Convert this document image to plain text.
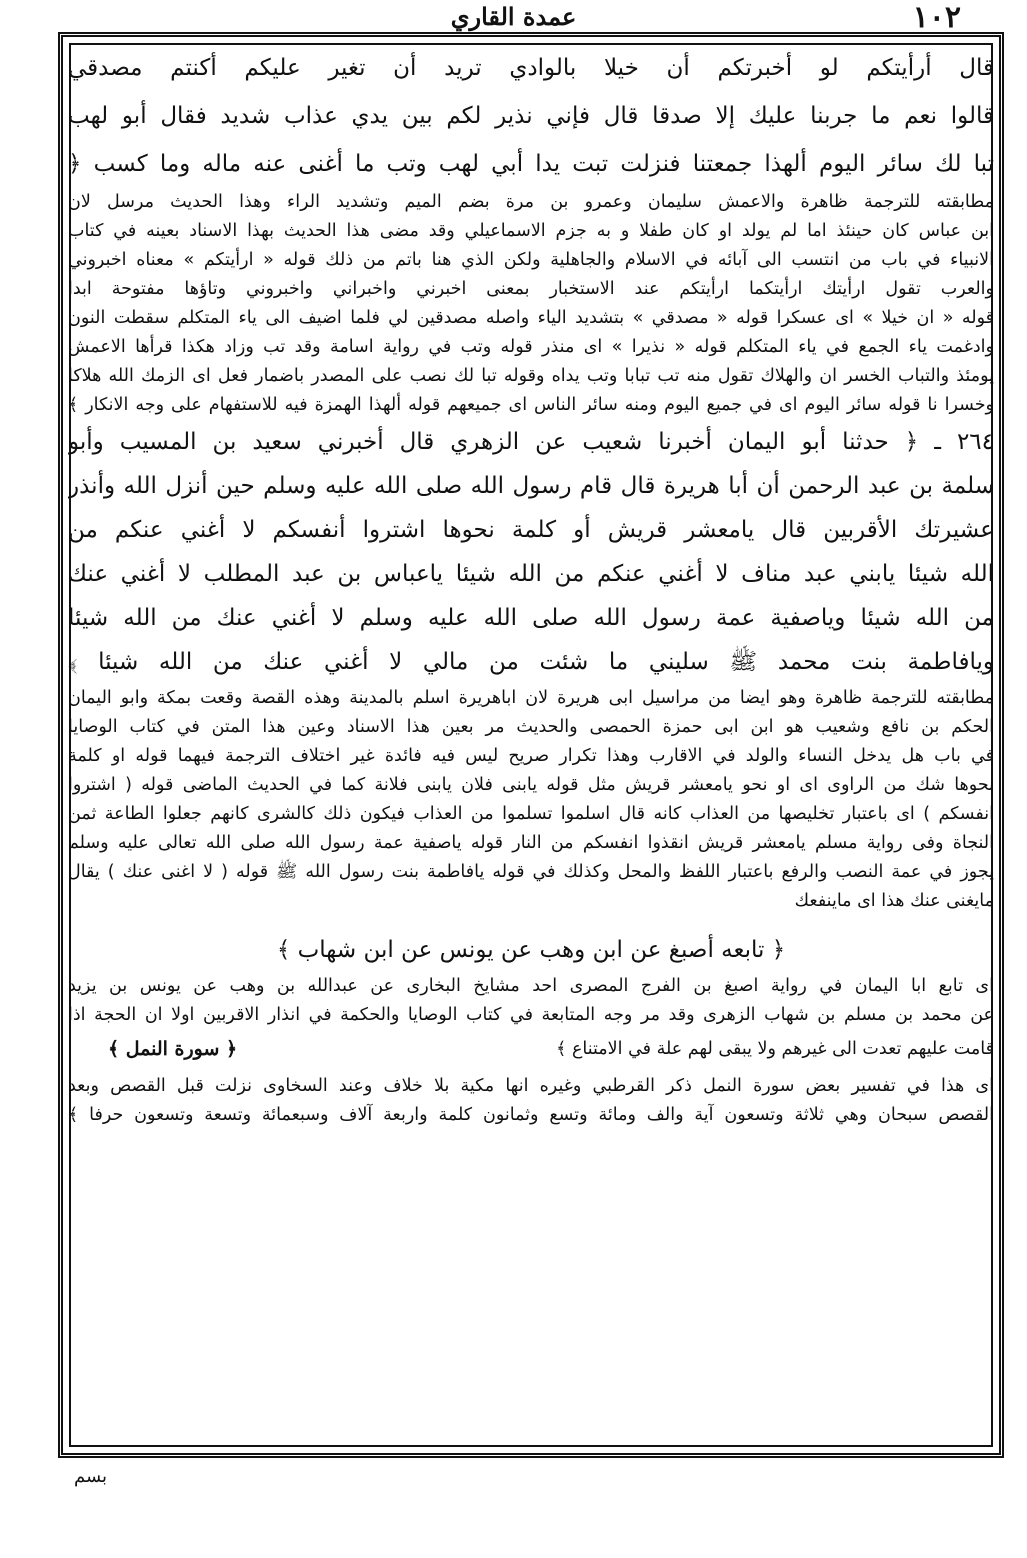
عمدة القاري	١٠٢
قال أرأيتكم لو أخبرتكم أن خيلا بالوادي تريد أن تغير عليكم أكنتم مصدقي
قالوا نعم ما جربنا عليك إلا صدقا قال فإني نذير لكم بين يدي عذاب شديد فقال أبو لهب
تبا لك سائر اليوم ألهذا جمعتنا فنزلت تبت يدا أبي لهب وتب ما أغنى عنه ماله وما كسب ﴿
مطابقته للترجمة ظاهرة والاعمش سليمان وعمرو بن مرة بضم الميم وتشديد الراء وهذا الحديث مرسل لان
ابن عباس كان حينئذ اما لم يولد او كان طفلا و به جزم الاسماعيلي وقد مضى هذا الحديث بهذا الاسناد بعينه في كتاب
الانبياء في باب من انتسب الى آبائه في الاسلام والجاهلية ولكن الذي هنا باتم من ذلك قوله « ارأيتكم » معناه اخبروني
والعرب تقول ارأيتك ارأيتكما ارأيتكم عند الاستخبار بمعنى اخبرني واخبراني واخبروني وتاؤها مفتوحة ابدا
قوله « ان خيلا » اى عسكرا قوله « مصدقي » بتشديد الياء واصله مصدقين لي فلما اضيف الى ياء المتكلم سقطت النون
وادغمت ياء الجمع في ياء المتكلم قوله « نذيرا » اى منذر قوله وتب في رواية اسامة وقد تب وزاد هكذا قرأها الاعمش
يومئذ والتباب الخسر ان والهلاك تقول منه تب تبابا وتب يداه وقوله تبا لك نصب على المصدر باضمار فعل اى الزمك الله هلاكا
وخسرا نا قوله سائر اليوم اى في جميع اليوم ومنه سائر الناس اى جميعهم قوله ألهذا الهمزة فيه للاستفهام على وجه الانكار ﴾
٢٦٤ ـ ﴿ حدثنا أبو اليمان أخبرنا شعيب عن الزهري قال أخبرني سعيد بن المسيب وأبو
سلمة بن عبد الرحمن أن أبا هريرة قال قام رسول الله صلى الله عليه وسلم حين أنزل الله وأنذر
عشيرتك الأقربين قال يامعشر قريش أو كلمة نحوها اشتروا أنفسكم لا أغني عنكم من
الله شيئا يابني عبد مناف لا أغني عنكم من الله شيئا ياعباس بن عبد المطلب لا أغني عنك
من الله شيئا وياصفية عمة رسول الله صلى الله عليه وسلم لا أغني عنك من الله شيئا
ويافاطمة بنت محمد ﷺ سليني ما شئت من مالي لا أغني عنك من الله شيئا ﴾
مطابقته للترجمة ظاهرة وهو ايضا من مراسيل ابى هريرة لان اباهريرة اسلم بالمدينة وهذه القصة وقعت بمكة وابو اليمان
الحكم بن نافع وشعيب هو ابن ابى حمزة الحمصى والحديث مر بعين هذا الاسناد وعين هذا المتن في كتاب الوصايا
في باب هل يدخل النساء والولد في الاقارب وهذا تكرار صريح ليس فيه فائدة غير اختلاف الترجمة فيهما قوله او كلمة
نحوها شك من الراوى اى او نحو يامعشر قريش مثل قوله يابنى فلان يابنى فلانة كما في الحديث الماضى قوله ( اشتروا
انفسكم ) اى باعتبار تخليصها من العذاب كانه قال اسلموا تسلموا من العذاب فيكون ذلك كالشرى كانهم جعلوا الطاعة ثمن
النجاة وفى رواية مسلم يامعشر قريش انقذوا انفسكم من النار قوله ياصفية عمة رسول الله صلى الله تعالى عليه وسلم
يجوز في عمة النصب والرفع باعتبار اللفظ والمحل وكذلك في قوله يافاطمة بنت رسول الله ﷺ قوله ( لا اغنى عنك ) يقال
مايغنى عنك هذا اى ماينفعك
﴿ تابعه أصبغ عن ابن وهب عن يونس عن ابن شهاب ﴾
اى تابع ابا اليمان في رواية اصبغ بن الفرج المصرى احد مشايخ البخارى عن عبدالله بن وهب عن يونس بن يزيد
عن محمد بن مسلم بن شهاب الزهرى وقد مر وجه المتابعة في كتاب الوصايا والحكمة في انذار الاقربين اولا ان الحجة اذا
قامت عليهم تعدت الى غيرهم ولا يبقى لهم علة في الامتناع ﴾
﴿ سورة النمل ﴾
اى هذا في تفسير بعض سورة النمل ذكر القرطبي وغيره انها مكية بلا خلاف وعند السخاوى نزلت قبل القصص وبعد
القصص سبحان وهي ثلاثة وتسعون آية والف ومائة وتسع وثمانون كلمة واربعة آلاف وسبعمائة وتسعة وتسعون حرفا ﴾
بسم
